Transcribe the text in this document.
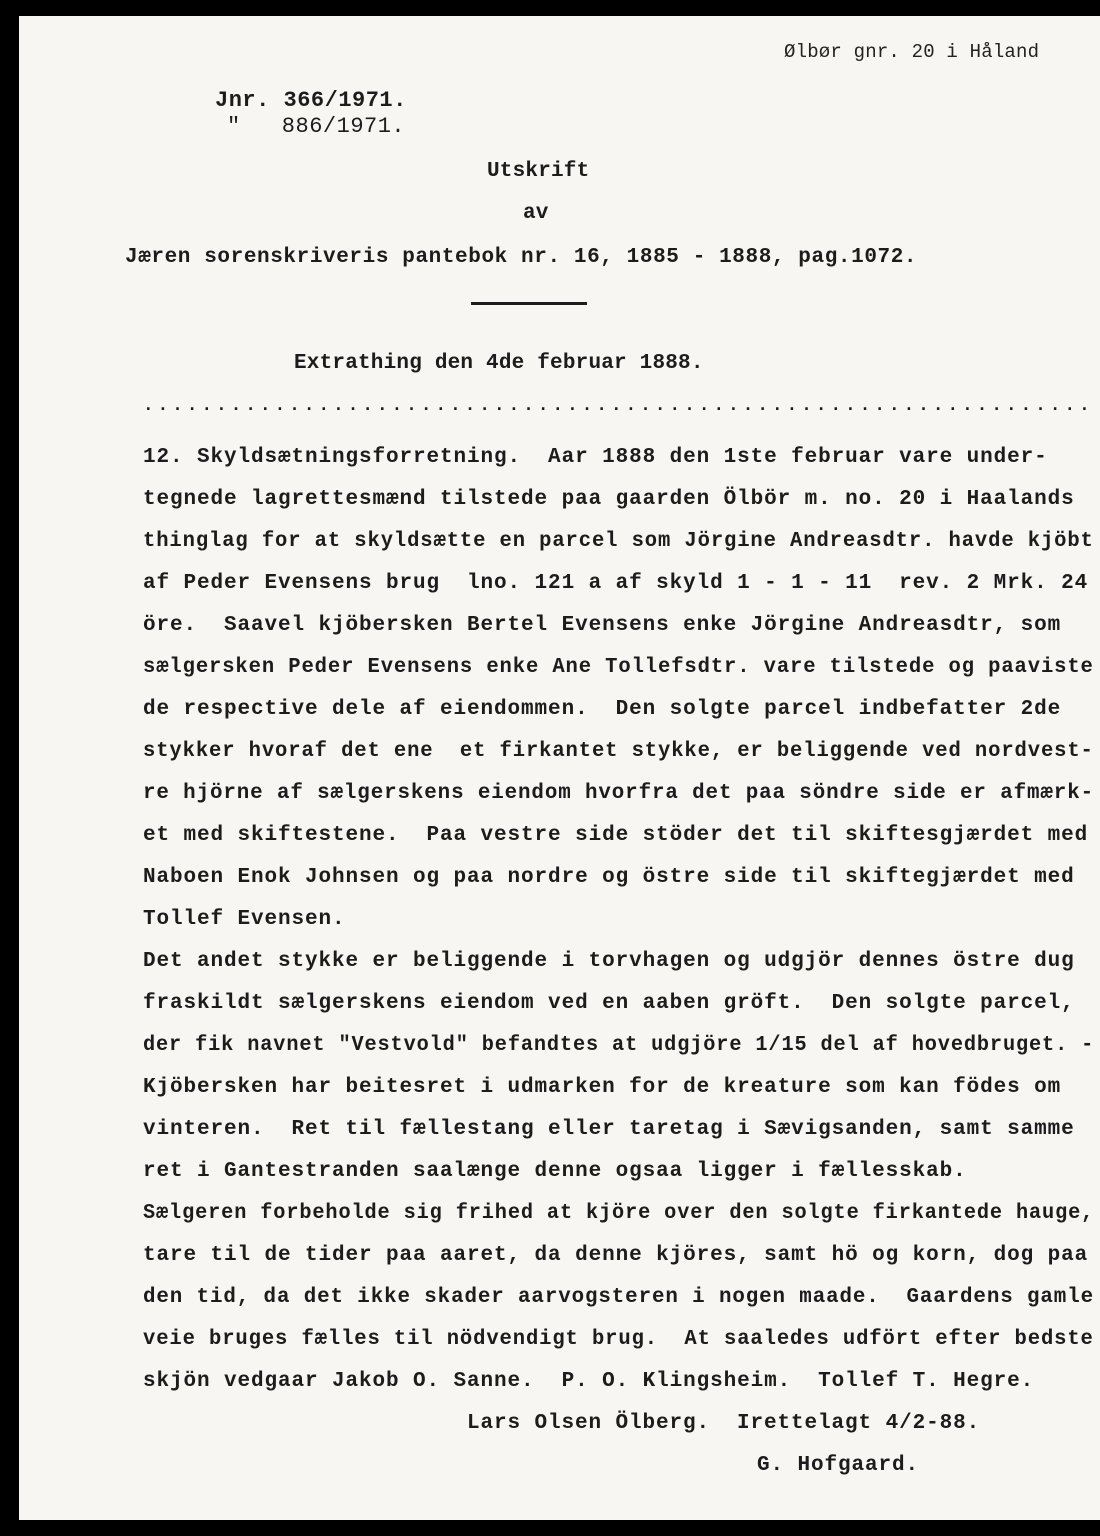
Ølbør gnr. 20 i Håland
Jnr. 366/1971.
"   886/1971.
Utskrift
av
Jæren sorenskriveris pantebok nr. 16, 1885 - 1888, pag.1072.
Extrathing den 4de februar 1888.
.................................................................
12. Skyldsætningsforretning.  Aar 1888 den 1ste februar vare under-
tegnede lagrettesmænd tilstede paa gaarden Ölbör m. no. 20 i Haalands
thinglag for at skyldsætte en parcel som Jörgine Andreasdtr. havde kjöbt
af Peder Evensens brug  lno. 121 a af skyld 1 - 1 - 11  rev. 2 Mrk. 24
öre.  Saavel kjöbersken Bertel Evensens enke Jörgine Andreasdtr, som
sælgersken Peder Evensens enke Ane Tollefsdtr. vare tilstede og paaviste
de respective dele af eiendommen.  Den solgte parcel indbefatter 2de
stykker hvoraf det ene  et firkantet stykke, er beliggende ved nordvest-
re hjörne af sælgerskens eiendom hvorfra det paa söndre side er afmærk-
et med skiftestene.  Paa vestre side stöder det til skiftesgjærdet med
Naboen Enok Johnsen og paa nordre og östre side til skiftegjærdet med
Tollef Evensen.
Det andet stykke er beliggende i torvhagen og udgjör dennes östre dug
fraskildt sælgerskens eiendom ved en aaben gröft.  Den solgte parcel,
der fik navnet "Vestvold" befandtes at udgjöre 1/15 del af hovedbruget. -
Kjöbersken har beitesret i udmarken for de kreature som kan födes om
vinteren.  Ret til fællestang eller taretag i Sævigsanden, samt samme
ret i Gantestranden saalænge denne ogsaa ligger i fællesskab.
Sælgeren forbeholde sig frihed at kjöre over den solgte firkantede hauge,
tare til de tider paa aaret, da denne kjöres, samt hö og korn, dog paa
den tid, da det ikke skader aarvogsteren i nogen maade.  Gaardens gamle
veie bruges fælles til nödvendigt brug.  At saaledes udfört efter bedste
skjön vedgaar Jakob O. Sanne.  P. O. Klingsheim.  Tollef T. Hegre.
Lars Olsen Ölberg.  Irettelagt 4/2-88.
G. Hofgaard.
